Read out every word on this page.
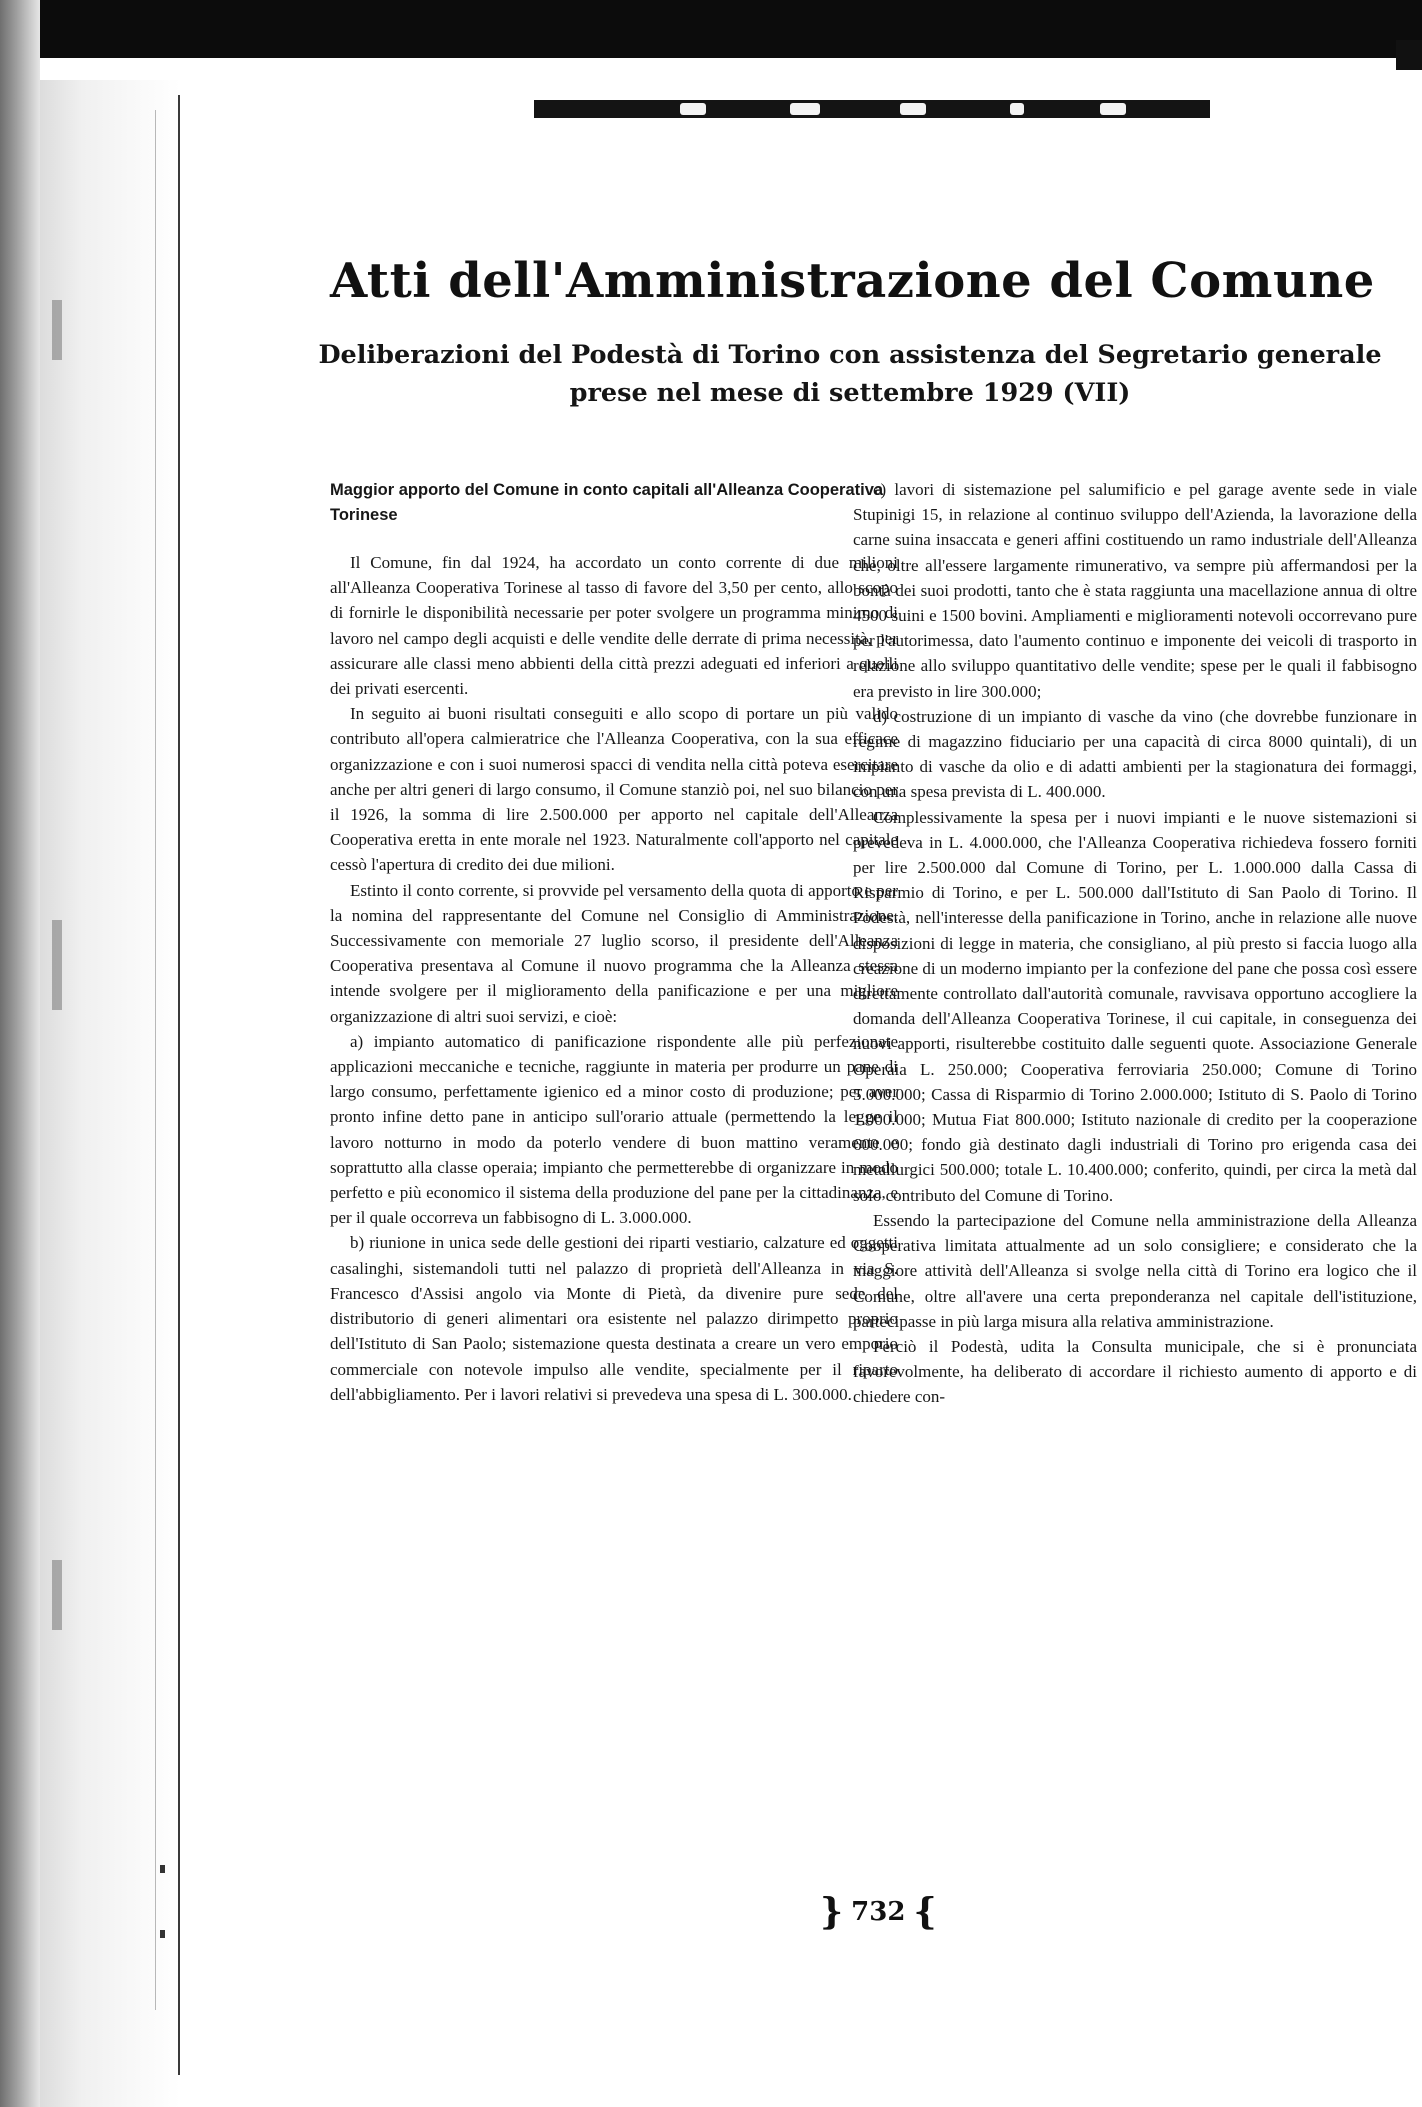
Atti dell'Amministrazione del Comune
Deliberazioni del Podestà di Torino con assistenza del Segretario generale
prese nel mese di settembre 1929 (VII)

Maggior apporto del Comune in conto capitali all'Alleanza Cooperativa Torinese

Il Comune, fin dal 1924, ha accordato un conto corrente di due milioni all'Alleanza Cooperativa Torinese al tasso di favore del 3,50 per cento, allo scopo di fornirle le disponibilità necessarie per poter svolgere un programma minimo di lavoro nel campo degli acquisti e delle vendite delle derrate di prima necessità, per assicurare alle classi meno abbienti della città prezzi adeguati ed inferiori a quelli dei privati esercenti.

In seguito ai buoni risultati conseguiti e allo scopo di portare un più valido contributo all'opera calmieratrice che l'Alleanza Cooperativa, con la sua efficace organizzazione e con i suoi numerosi spacci di vendita nella città poteva esercitare anche per altri generi di largo consumo, il Comune stanziò poi, nel suo bilancio per il 1926, la somma di lire 2.500.000 per apporto nel capitale dell'Alleanza Cooperativa eretta in ente morale nel 1923. Naturalmente coll'apporto nel capitale cessò l'apertura di credito dei due milioni.

Estinto il conto corrente, si provvide pel versamento della quota di apporto e per la nomina del rappresentante del Comune nel Consiglio di Amministrazione. Successivamente con memoriale 27 luglio scorso, il presidente dell'Alleanza Cooperativa presentava al Comune il nuovo programma che la Alleanza stessa intende svolgere per il miglioramento della panificazione e per una migliore organizzazione di altri suoi servizi, e cioè:

a) impianto automatico di panificazione rispondente alle più perfezionate applicazioni meccaniche e tecniche, raggiunte in materia per produrre un pane di largo consumo, perfettamente igienico ed a minor costo di produzione; per aver pronto infine detto pane in anticipo sull'orario attuale (permettendo la legge il lavoro notturno in modo da poterlo vendere di buon mattino veramente e soprattutto alla classe operaia; impianto che permetterebbe di organizzare in modo perfetto e più economico il sistema della produzione del pane per la cittadinanza, e per il quale occorreva un fabbisogno di L. 3.000.000.

b) riunione in unica sede delle gestioni dei riparti vestiario, calzature ed oggetti casalinghi, sistemandoli tutti nel palazzo di proprietà dell'Alleanza in via S. Francesco d'Assisi angolo via Monte di Pietà, da divenire pure sede del distributorio di generi alimentari ora esistente nel palazzo dirimpetto proprio dell'Istituto di San Paolo; sistemazione questa destinata a creare un vero emporio commerciale con notevole impulso alle vendite, specialmente per il riparto dell'abbigliamento. Per i lavori relativi si prevedeva una spesa di L. 300.000.

c) lavori di sistemazione pel salumificio e pel garage avente sede in viale Stupinigi 15, in relazione al continuo sviluppo dell'Azienda, la lavorazione della carne suina insaccata e generi affini costituendo un ramo industriale dell'Alleanza che, oltre all'essere largamente rimunerativo, va sempre più affermandosi per la bontà dei suoi prodotti, tanto che è stata raggiunta una macellazione annua di oltre 4500 suini e 1500 bovini. Ampliamenti e miglioramenti notevoli occorrevano pure per l'autorimessa, dato l'aumento continuo e imponente dei veicoli di trasporto in relazione allo sviluppo quantitativo delle vendite; spese per le quali il fabbisogno era previsto in lire 300.000;

d) costruzione di un impianto di vasche da vino (che dovrebbe funzionare in regime di magazzino fiduciario per una capacità di circa 8000 quintali), di un impianto di vasche da olio e di adatti ambienti per la stagionatura dei formaggi, con una spesa prevista di L. 400.000.

Complessivamente la spesa per i nuovi impianti e le nuove sistemazioni si prevedeva in L. 4.000.000, che l'Alleanza Cooperativa richiedeva fossero forniti per lire 2.500.000 dal Comune di Torino, per L. 1.000.000 dalla Cassa di Risparmio di Torino, e per L. 500.000 dall'Istituto di San Paolo di Torino. Il Podestà, nell'interesse della panificazione in Torino, anche in relazione alle nuove disposizioni di legge in materia, che consigliano, al più presto si faccia luogo alla creazione di un moderno impianto per la confezione del pane che possa così essere direttamente controllato dall'autorità comunale, ravvisava opportuno accogliere la domanda dell'Alleanza Cooperativa Torinese, il cui capitale, in conseguenza dei nuovi apporti, risulterebbe costituito dalle seguenti quote. Associazione Generale Operaia L. 250.000; Cooperativa ferroviaria 250.000; Comune di Torino 5.000.000; Cassa di Risparmio di Torino 2.000.000; Istituto di S. Paolo di Torino 1.000.000; Mutua Fiat 800.000; Istituto nazionale di credito per la cooperazione 600.000; fondo già destinato dagli industriali di Torino pro erigenda casa dei metallurgici 500.000; totale L. 10.400.000; conferito, quindi, per circa la metà dal solo contributo del Comune di Torino.

Essendo la partecipazione del Comune nella amministrazione della Alleanza Cooperativa limitata attualmente ad un solo consigliere; e considerato che la maggiore attività dell'Alleanza si svolge nella città di Torino era logico che il Comune, oltre all'avere una certa preponderanza nel capitale dell'istituzione, partecipasse in più larga misura alla relativa amministrazione.

Perciò il Podestà, udita la Consulta municipale, che si è pronunciata favorevolmente, ha deliberato di accordare il richiesto aumento di apporto e di chiedere con-

} 732 {
